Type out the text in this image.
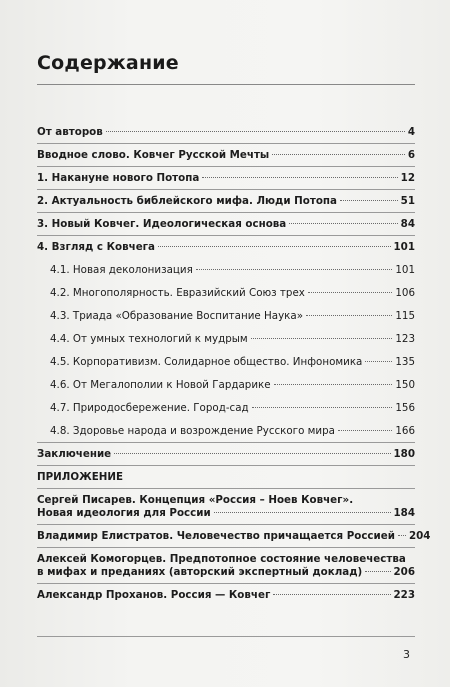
Содержание
От авторов	4
Вводное слово. Ковчег Русской Мечты	6
1. Накануне нового Потопа	12
2. Актуальность библейского мифа. Люди Потопа	51
3. Новый Ковчег. Идеологическая основа	84
4. Взгляд с Ковчега	101
4.1. Новая деколонизация	101
4.2. Многополярность. Евразийский Союз трех	106
4.3. Триада «Образование Воспитание Наука»	115
4.4. От умных технологий к мудрым	123
4.5. Корпоративизм. Солидарное общество. Инфономика	135
4.6. От Мегалополии к Новой Гардарике	150
4.7. Природосбережение. Город-сад	156
4.8. Здоровье народа и возрождение Русского мира	166
Заключение	180
ПРИЛОЖЕНИЕ
Сергей Писарев. Концепция «Россия – Ноев Ковчег».
Новая идеология для России	184
Владимир Елистратов. Человечество причащается Россией 204
Алексей Комогорцев. Предпотопное состояние человечества
в мифах и преданиях (авторский экспертный доклад)	206
Александр Проханов. Россия — Ковчег	223
3
